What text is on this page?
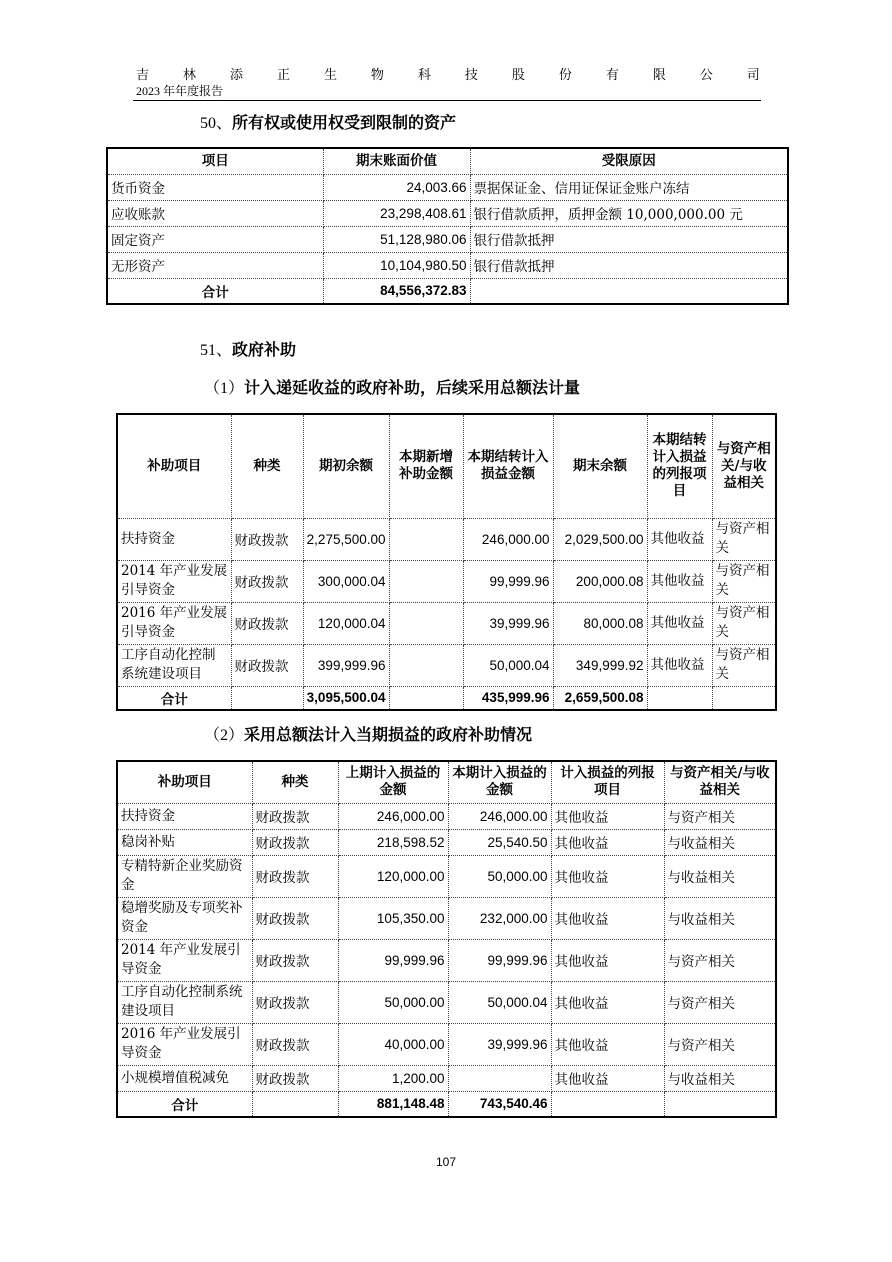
吉	林	添	正	生	物	科	技	股	份	有	限	公	司
2023 年年度报告
50、所有权或使用权受到限制的资产
项目	期末账面价值	受限原因
货币资金	24,003.66	票据保证金、信用证保证金账户冻结
应收账款	23,298,408.61	银行借款质押，质押金额 10,000,000.00 元
固定资产	51,128,980.06	银行借款抵押
无形资产	10,104,980.50	银行借款抵押
合计	84,556,372.83	
51、政府补助
（1）计入递延收益的政府补助，后续采用总额法计量
补助项目	种类	期初余额	本期新增补助金额	本期结转计入损益金额	期末余额	本期结转计入损益的列报项目	与资产相关/与收益相关
扶持资金	财政拨款	2,275,500.00		246,000.00	2,029,500.00	其他收益	与资产相关
2014 年产业发展引导资金	财政拨款	300,000.04		99,999.96	200,000.08	其他收益	与资产相关
2016 年产业发展引导资金	财政拨款	120,000.04		39,999.96	80,000.08	其他收益	与资产相关
工序自动化控制系统建设项目	财政拨款	399,999.96		50,000.04	349,999.92	其他收益	与资产相关
合计		3,095,500.04		435,999.96	2,659,500.08		
（2）采用总额法计入当期损益的政府补助情况
补助项目	种类	上期计入损益的金额	本期计入损益的金额	计入损益的列报项目	与资产相关/与收益相关
扶持资金	财政拨款	246,000.00	246,000.00	其他收益	与资产相关
稳岗补贴	财政拨款	218,598.52	25,540.50	其他收益	与收益相关
专精特新企业奖励资金	财政拨款	120,000.00	50,000.00	其他收益	与收益相关
稳增奖励及专项奖补资金	财政拨款	105,350.00	232,000.00	其他收益	与收益相关
2014 年产业发展引导资金	财政拨款	99,999.96	99,999.96	其他收益	与资产相关
工序自动化控制系统建设项目	财政拨款	50,000.00	50,000.04	其他收益	与资产相关
2016 年产业发展引导资金	财政拨款	40,000.00	39,999.96	其他收益	与资产相关
小规模增值税减免	财政拨款	1,200.00		其他收益	与收益相关
合计		881,148.48	743,540.46		
107
